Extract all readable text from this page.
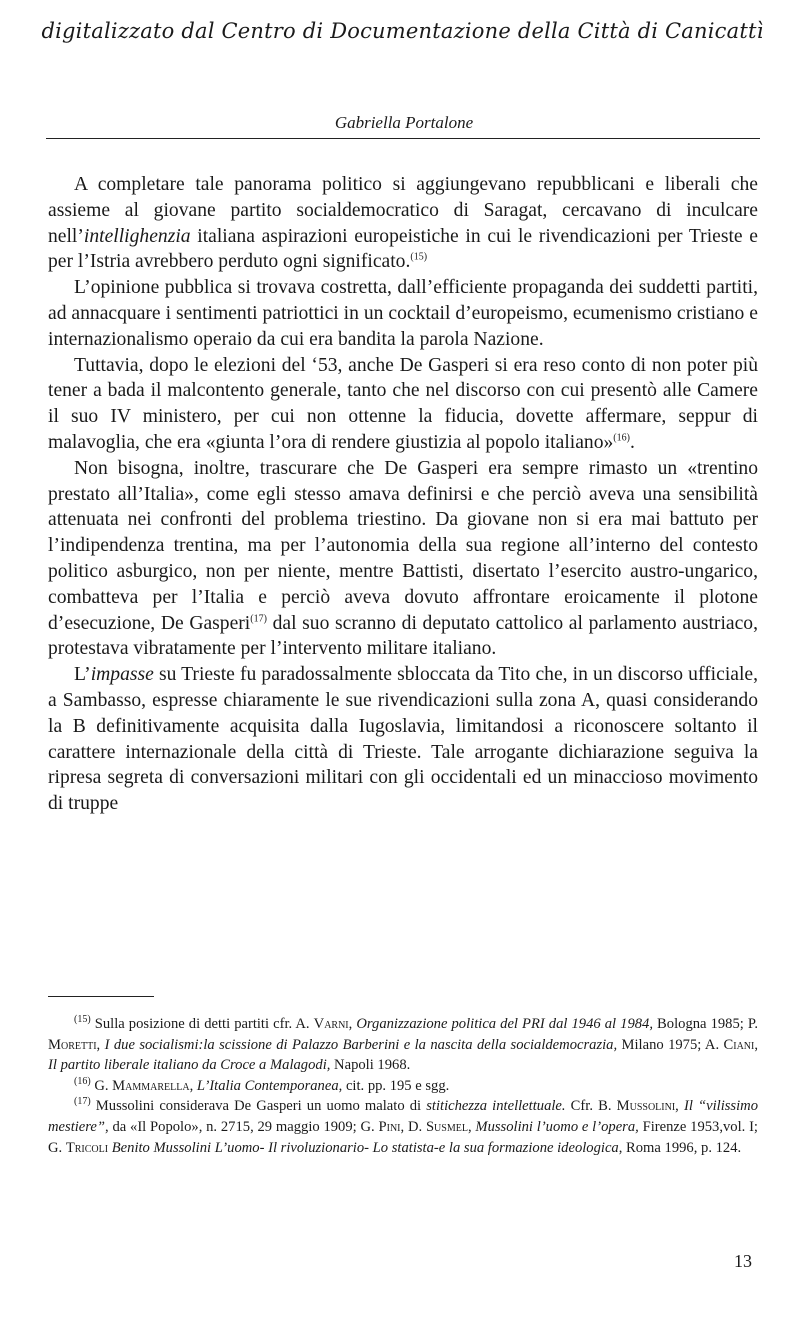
digitalizzato dal Centro di Documentazione della Città di Canicattì
Gabriella Portalone

A completare tale panorama politico si aggiungevano repubblicani e liberali che assieme al giovane partito socialdemocratico di Saragat, cercavano di inculcare nell’intellighenzia italiana aspirazioni europeistiche in cui le rivendicazioni per Trieste e per l’Istria avrebbero perduto ogni significato.$^{(15)}$

L’opinione pubblica si trovava costretta, dall’efficiente propaganda dei suddetti partiti, ad annacquare i sentimenti patriottici in un cocktail d’europeismo, ecumenismo cristiano e internazionalismo operaio da cui era bandita la parola Nazione.

Tuttavia, dopo le elezioni del ‘53, anche De Gasperi si era reso conto di non poter più tener a bada il malcontento generale, tanto che nel discorso con cui presentò alle Camere il suo IV ministero, per cui non ottenne la fiducia, dovette affermare, seppur di malavoglia, che era «giunta l’ora di rendere giustizia al popolo italiano»$^{(16)}$.

Non bisogna, inoltre, trascurare che De Gasperi era sempre rimasto un «trentino prestato all’Italia», come egli stesso amava definirsi e che perciò aveva una sensibilità attenuata nei confronti del problema triestino. Da giovane non si era mai battuto per l’indipendenza trentina, ma per l’autonomia della sua regione all’interno del contesto politico asburgico, non per niente, mentre Battisti, disertato l’esercito austro-ungarico, combatteva per l’Italia e perciò aveva dovuto affrontare eroicamente il plotone d’esecuzione, De Gasperi$^{(17)}$ dal suo scranno di deputato cattolico al parlamento austriaco, protestava vibratamente per l’intervento militare italiano.

L’impasse su Trieste fu paradossalmente sbloccata da Tito che, in un discorso ufficiale, a Sambasso, espresse chiaramente le sue rivendicazioni sulla zona A, quasi considerando la B definitivamente acquisita dalla Iugoslavia, limitandosi a riconoscere soltanto il carattere internazionale della città di Trieste. Tale arrogante dichiarazione seguiva la ripresa segreta di conversazioni militari con gli occidentali ed un minaccioso movimento di truppe

$^{(15)}$ Sulla posizione di detti partiti cfr. A. Varni, Organizzazione politica del PRI dal 1946 al 1984, Bologna 1985; P. Moretti, I due socialismi:la scissione di Palazzo Barberini e la nascita della socialdemocrazia, Milano 1975; A. Ciani, Il partito liberale italiano da Croce a Malagodi, Napoli 1968.

$^{(16)}$ G. Mammarella, L’Italia Contemporanea, cit. pp. 195 e sgg.

$^{(17)}$ Mussolini considerava De Gasperi un uomo malato di stitichezza intellettuale. Cfr. B. Mussolini, Il “vilissimo mestiere”, da «Il Popolo», n. 2715, 29 maggio 1909; G. Pini, D. Susmel, Mussolini l’uomo e l’opera, Firenze 1953,vol. I; G. Tricoli Benito Mussolini L’uomo- Il rivoluzionario- Lo statista-e la sua formazione ideologica, Roma 1996, p. 124.

13
